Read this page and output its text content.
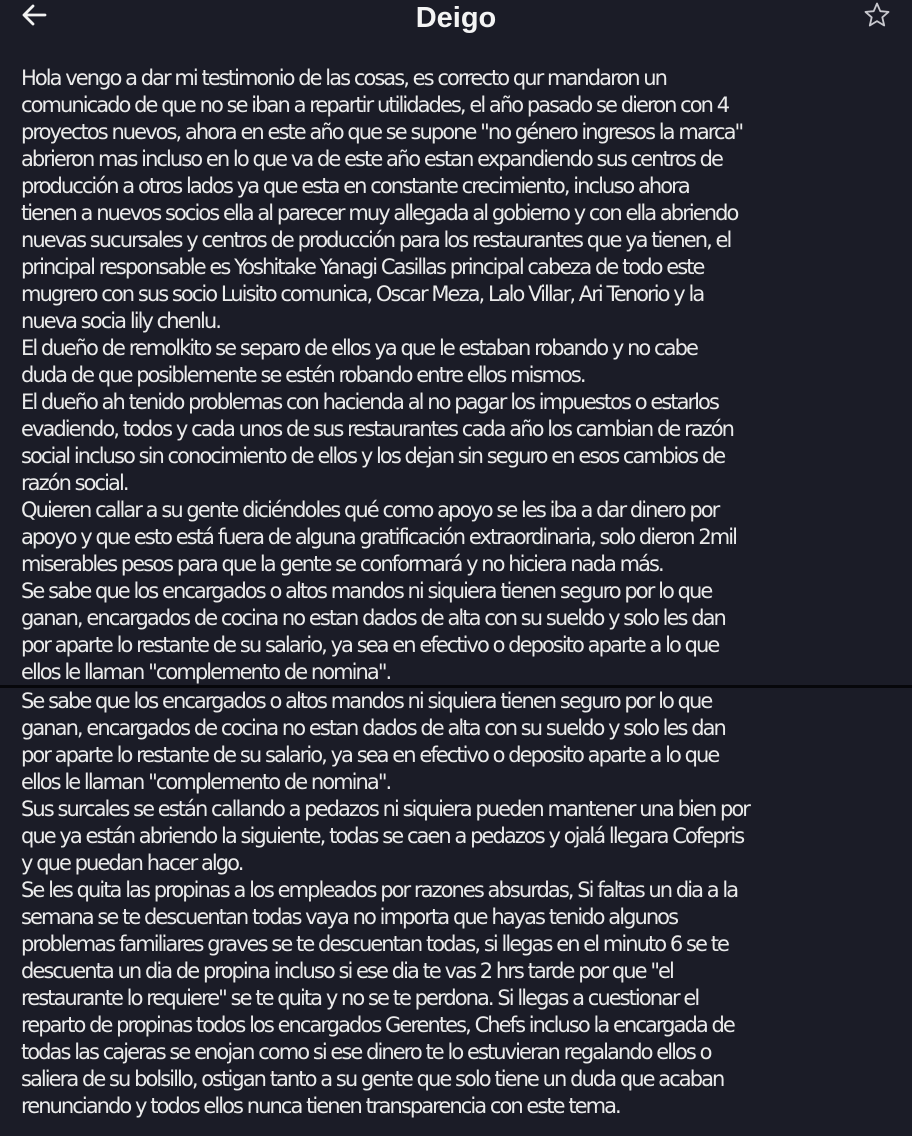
Deigo
Hola vengo a dar mi testimonio de las cosas, es correcto qur mandaron un
comunicado de que no se iban a repartir utilidades, el año pasado se dieron con 4
proyectos nuevos, ahora en este año que se supone "no género ingresos la marca"
abrieron mas incluso en lo que va de este año estan expandiendo sus centros de
producción a otros lados ya que esta en constante crecimiento, incluso ahora
tienen a nuevos socios ella al parecer muy allegada al gobierno y con ella abriendo
nuevas sucursales y centros de producción para los restaurantes que ya tienen, el
principal responsable es Yoshitake Yanagi Casillas principal cabeza de todo este
mugrero con sus socio Luisito comunica, Oscar Meza, Lalo Villar, Ari Tenorio y la
nueva socia lily chenlu.
El dueño de remolkito se separo de ellos ya que le estaban robando y no cabe
duda de que posiblemente se estén robando entre ellos mismos.
El dueño ah tenido problemas con hacienda al no pagar los impuestos o estarlos
evadiendo, todos y cada unos de sus restaurantes cada año los cambian de razón
social incluso sin conocimiento de ellos y los dejan sin seguro en esos cambios de
razón social.
Quieren callar a su gente diciéndoles qué como apoyo se les iba a dar dinero por
apoyo y que esto está fuera de alguna gratificación extraordinaria, solo dieron 2mil
miserables pesos para que la gente se conformará y no hiciera nada más.
Se sabe que los encargados o altos mandos ni siquiera tienen seguro por lo que
ganan, encargados de cocina no estan dados de alta con su sueldo y solo les dan
por aparte lo restante de su salario, ya sea en efectivo o deposito aparte a lo que
ellos le llaman "complemento de nomina".
Se sabe que los encargados o altos mandos ni siquiera tienen seguro por lo que
ganan, encargados de cocina no estan dados de alta con su sueldo y solo les dan
por aparte lo restante de su salario, ya sea en efectivo o deposito aparte a lo que
ellos le llaman "complemento de nomina".
Sus surcales se están callando a pedazos ni siquiera pueden mantener una bien por
que ya están abriendo la siguiente, todas se caen a pedazos y ojalá llegara Cofepris
y que puedan hacer algo.
Se les quita las propinas a los empleados por razones absurdas, Si faltas un dia a la
semana se te descuentan todas vaya no importa que hayas tenido algunos
problemas familiares graves se te descuentan todas, si llegas en el minuto 6 se te
descuenta un dia de propina incluso si ese dia te vas 2 hrs tarde por que "el
restaurante lo requiere" se te quita y no se te perdona. Si llegas a cuestionar el
reparto de propinas todos los encargados Gerentes, Chefs incluso la encargada de
todas las cajeras se enojan como si ese dinero te lo estuvieran regalando ellos o
saliera de su bolsillo, ostigan tanto a su gente que solo tiene un duda que acaban
renunciando y todos ellos nunca tienen transparencia con este tema.
